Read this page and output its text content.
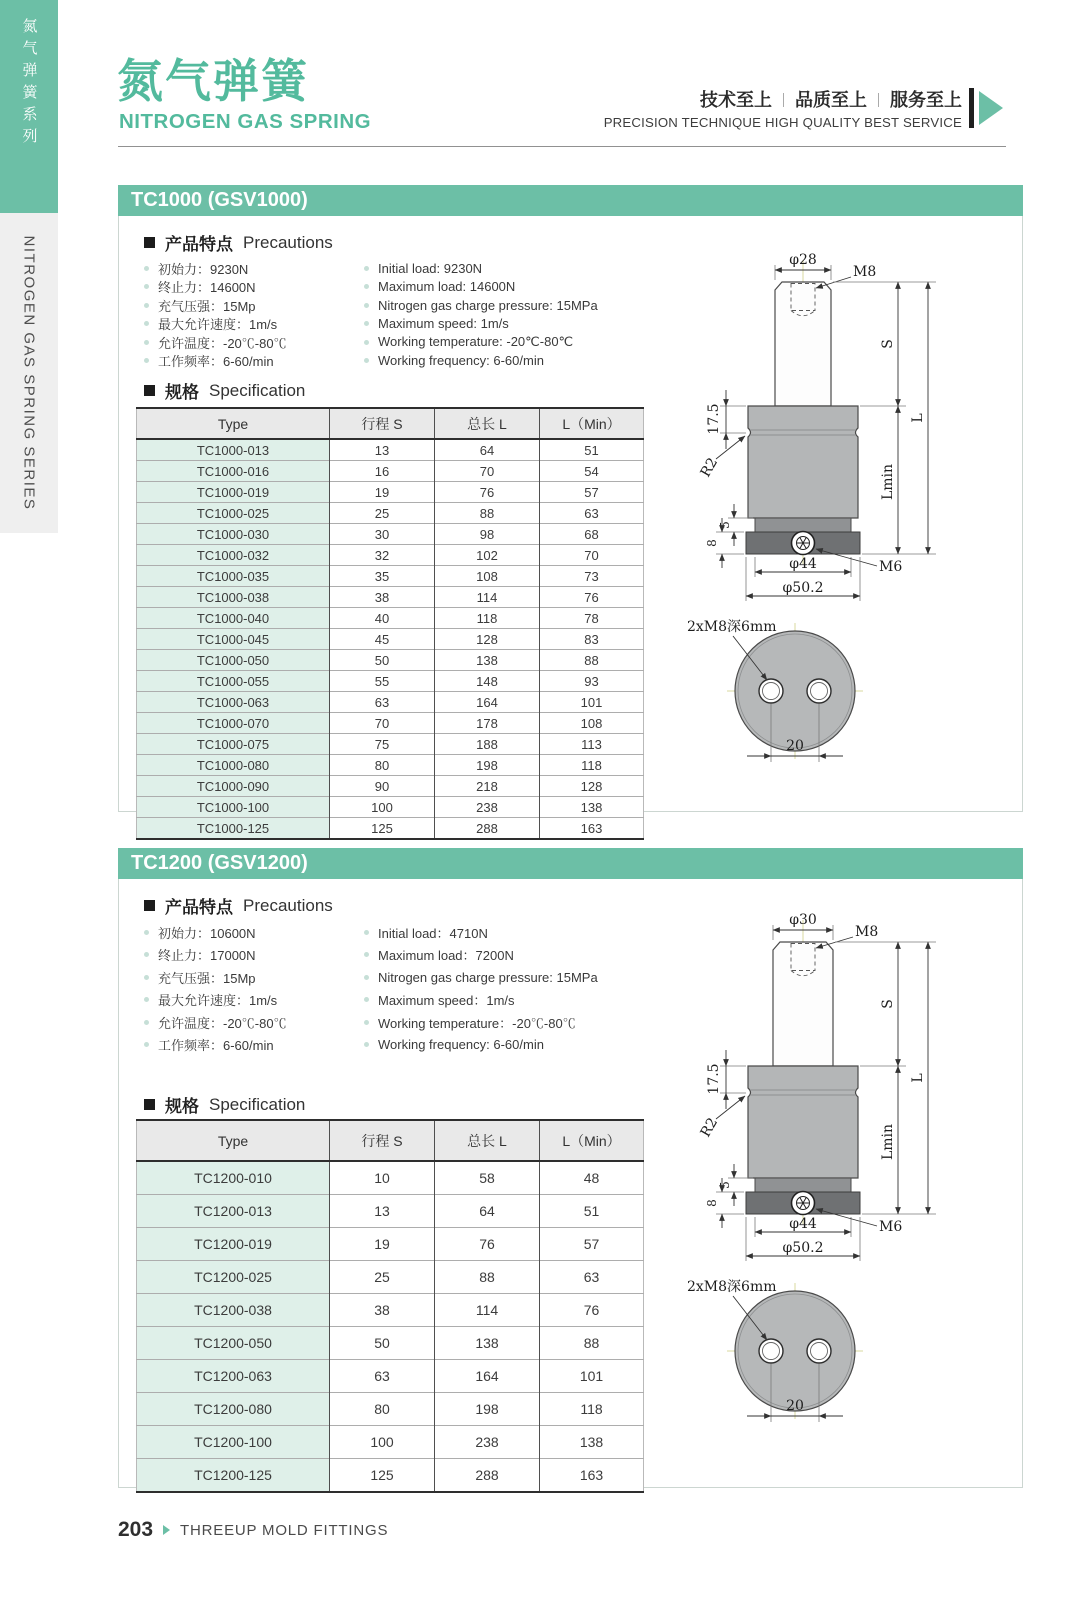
氮气弹簧系列
NITROGEN GAS SPRING SERIES
氮气弹簧
NITROGEN GAS SPRING
技术至上 品质至上 服务至上
PRECISION TECHNIQUE HIGH QUALITY BEST SERVICE
TC1000 (GSV1000)
产品特点 Precautions
初始力：9230N
终止力：14600N
充气压强：15Mp
最大允许速度：1m/s
允许温度：-20℃-80℃
工作频率：6-60/min
Initial load: 9230N
Maximum load: 14600N
Nitrogen gas charge pressure: 15MPa
Maximum speed: 1m/s
Working temperature: -20℃-80℃
Working frequency: 6-60/min
规格 Specification
Type	行程 S	总长 L	L（Min）
TC1000-013	13	64	51
TC1000-016	16	70	54
TC1000-019	19	76	57
TC1000-025	25	88	63
TC1000-030	30	98	68
TC1000-032	32	102	70
TC1000-035	35	108	73
TC1000-038	38	114	76
TC1000-040	40	118	78
TC1000-045	45	128	83
TC1000-050	50	138	88
TC1000-055	55	148	93
TC1000-063	63	164	101
TC1000-070	70	178	108
TC1000-075	75	188	113
TC1000-080	80	198	118
TC1000-090	90	218	128
TC1000-100	100	238	138
TC1000-125	125	288	163
φ28
M8
17.5
R2
5
8
S
Lmin
L
φ44	M6
φ50.2
2xM8深6mm
20
TC1200 (GSV1200)
产品特点 Precautions
初始力：10600N
终止力：17000N
充气压强：15Mp
最大允许速度：1m/s
允许温度：-20℃-80℃
工作频率：6-60/min
Initial load：4710N
Maximum load：7200N
Nitrogen gas charge pressure: 15MPa
Maximum speed：1m/s
Working temperature：-20℃-80℃
Working frequency: 6-60/min
规格 Specification
Type	行程 S	总长 L	L（Min）
TC1200-010	10	58	48
TC1200-013	13	64	51
TC1200-019	19	76	57
TC1200-025	25	88	63
TC1200-038	38	114	76
TC1200-050	50	138	88
TC1200-063	63	164	101
TC1200-080	80	198	118
TC1200-100	100	238	138
TC1200-125	125	288	163
φ30
M8
17.5
R2
5
8
S
Lmin
L
φ44	M6
φ50.2
2xM8深6mm
20
203 THREEUP MOLD FITTINGS
